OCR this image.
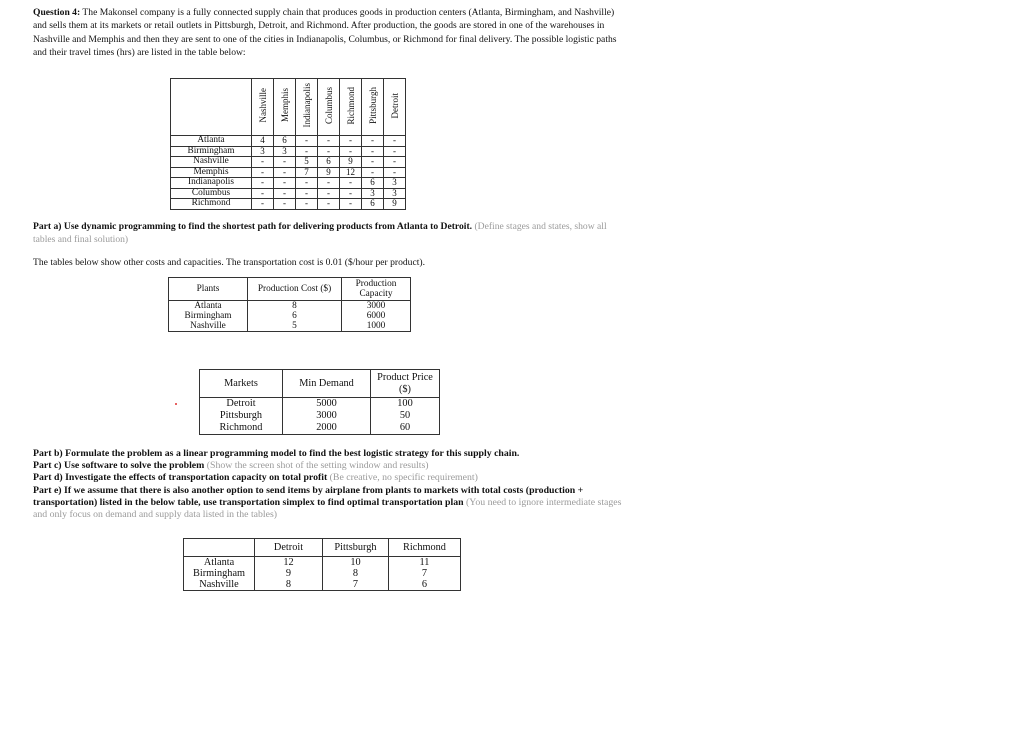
Question 4: The Makonsel company is a fully connected supply chain that produces goods in production centers (Atlanta, Birmingham, and Nashville) and sells them at its markets or retail outlets in Pittsburgh, Detroit, and Richmond. After production, the goods are stored in one of the warehouses in Nashville and Memphis and then they are sent to one of the cities in Indianapolis, Columbus, or Richmond for final delivery. The possible logistic paths and their travel times (hrs) are listed in the table below:
	Nashville	Memphis	Indianapolis	Columbus	Richmond	Pittsburgh	Detroit
Atlanta	4	6	-	-	-	-	-
Birmingham	3	3	-	-	-	-	-
Nashville	-	-	5	6	9	-	-
Memphis	-	-	7	9	12	-	-
Indianapolis	-	-	-	-	-	6	3
Columbus	-	-	-	-	-	3	3
Richmond	-	-	-	-	-	6	9
Part a) Use dynamic programming to find the shortest path for delivering products from Atlanta to Detroit. (Define stages and states, show all tables and final solution)
The tables below show other costs and capacities. The transportation cost is 0.01 ($/hour per product).
Plants	Production Cost ($)	Production Capacity
Atlanta	8	3000
Birmingham	6	6000
Nashville	5	1000
Markets	Min Demand	Product Price ($)
Detroit	5000	100
Pittsburgh	3000	50
Richmond	2000	60
Part b) Formulate the problem as a linear programming model to find the best logistic strategy for this supply chain.
Part c) Use software to solve the problem (Show the screen shot of the setting window and results)
Part d) Investigate the effects of transportation capacity on total profit (Be creative, no specific requirement)
Part e) If we assume that there is also another option to send items by airplane from plants to markets with total costs (production + transportation) listed in the below table, use transportation simplex to find optimal transportation plan (You need to ignore intermediate stages and only focus on demand and supply data listed in the tables)
	Detroit	Pittsburgh	Richmond
Atlanta	12	10	11
Birmingham	9	8	7
Nashville	8	7	6
